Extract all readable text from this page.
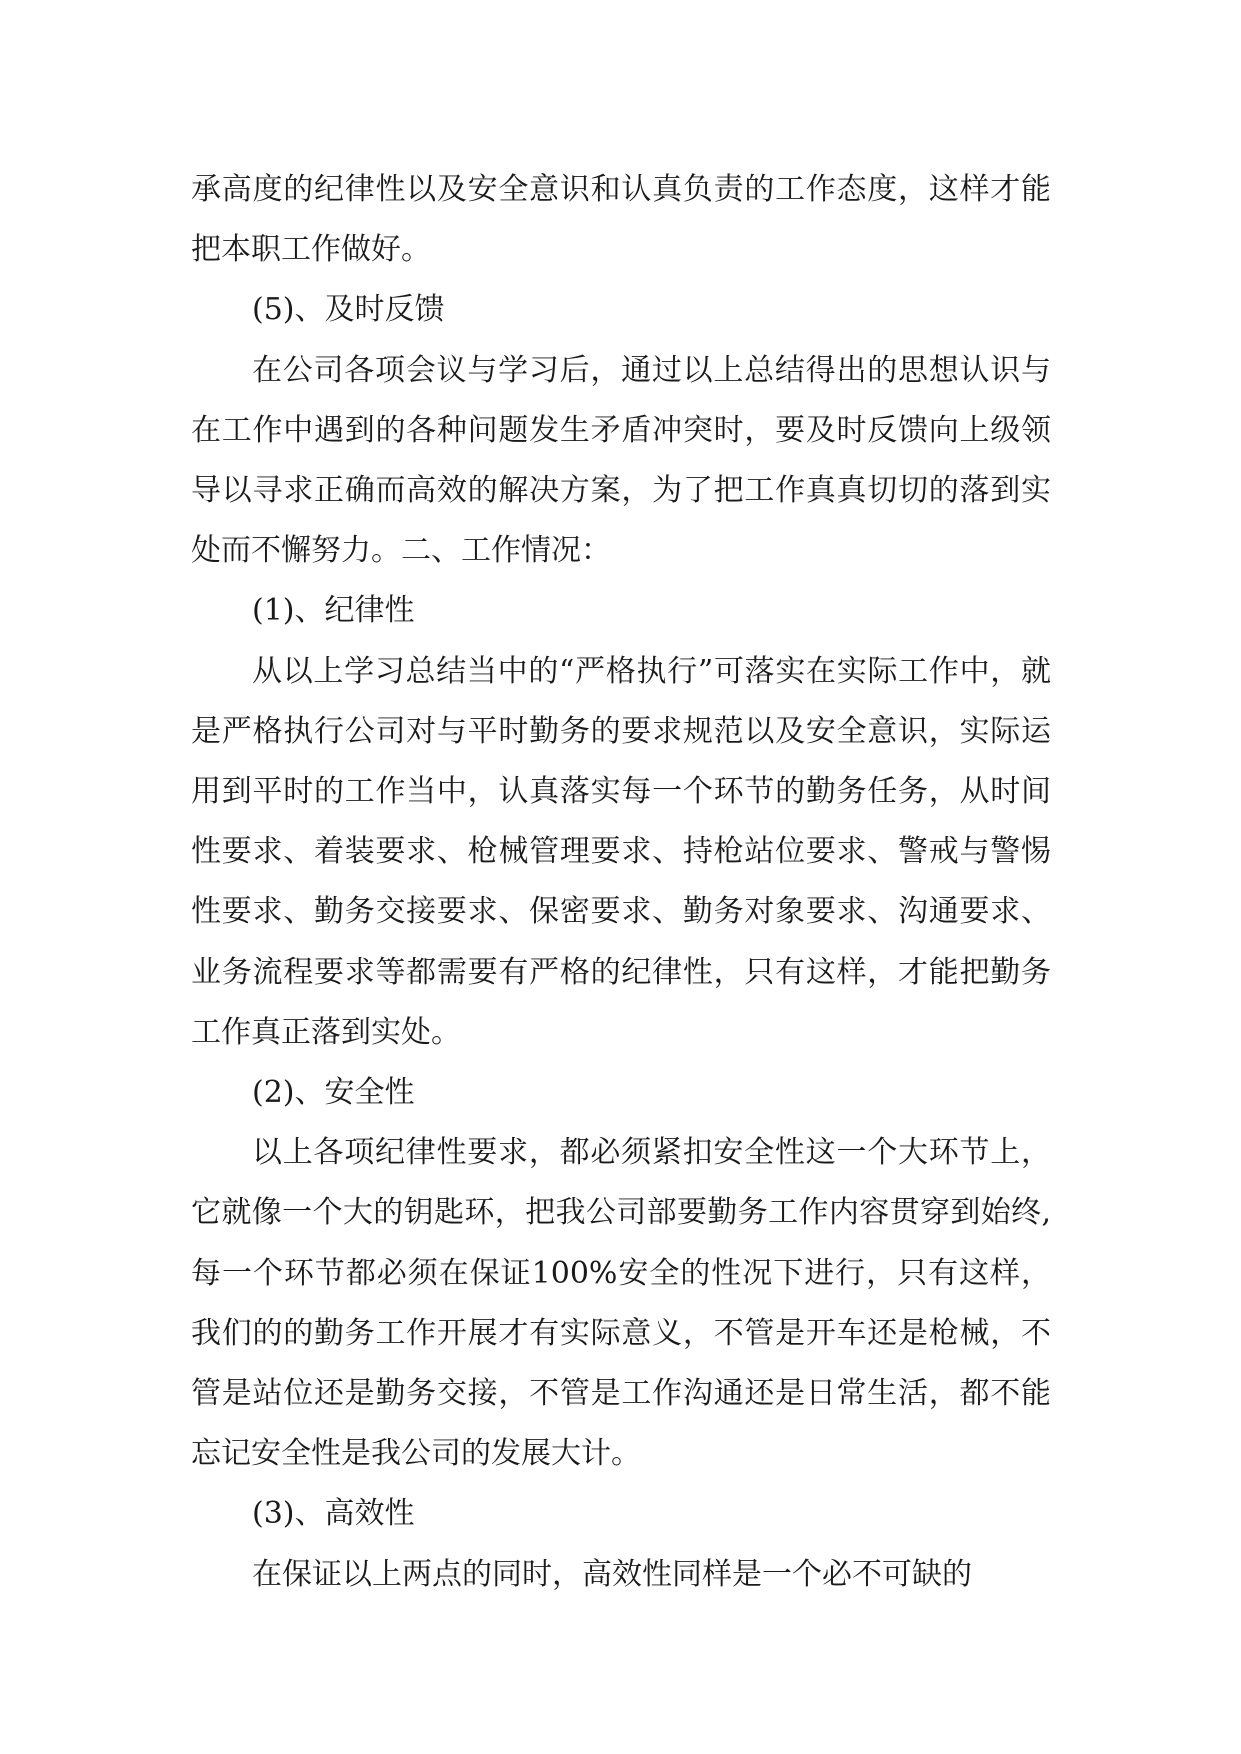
承高度的纪律性以及安全意识和认真负责的工作态度，这样才能把本职工作做好。

(5)、及时反馈

在公司各项会议与学习后，通过以上总结得出的思想认识与在工作中遇到的各种问题发生矛盾冲突时，要及时反馈向上级领导以寻求正确而高效的解决方案，为了把工作真真切切的落到实处而不懈努力。二、工作情况：

(1)、纪律性

从以上学习总结当中的“严格执行”可落实在实际工作中，就是严格执行公司对与平时勤务的要求规范以及安全意识，实际运用到平时的工作当中，认真落实每一个环节的勤务任务，从时间性要求、着装要求、枪械管理要求、持枪站位要求、警戒与警惕性要求、勤务交接要求、保密要求、勤务对象要求、沟通要求、业务流程要求等都需要有严格的纪律性，只有这样，才能把勤务工作真正落到实处。

(2)、安全性

以上各项纪律性要求，都必须紧扣安全性这一个大环节上，它就像一个大的钥匙环，把我公司部要勤务工作内容贯穿到始终,每一个环节都必须在保证100%安全的性况下进行，只有这样，我们的的勤务工作开展才有实际意义，不管是开车还是枪械，不管是站位还是勤务交接，不管是工作沟通还是日常生活，都不能忘记安全性是我公司的发展大计。

(3)、高效性

在保证以上两点的同时，高效性同样是一个必不可缺的
